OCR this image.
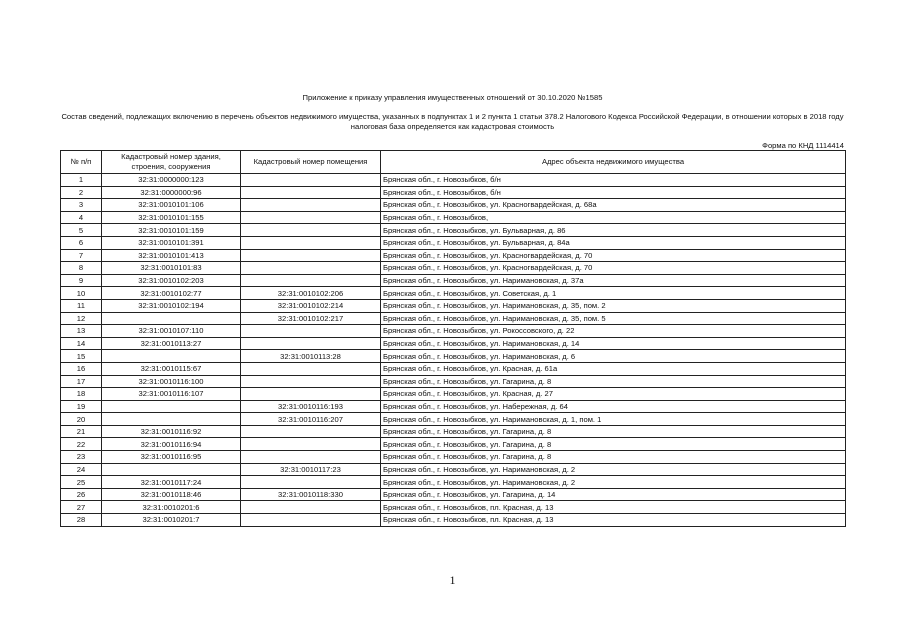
Приложение к приказу управления имущественных отношений от 30.10.2020 №1585
Состав сведений, подлежащих включению в перечень объектов недвижимого имущества, указанных в подпунктах 1 и 2 пункта 1 статьи 378.2 Налогового Кодекса Российской Федерации, в отношении которых в 2018 году налоговая база определяется как кадастровая стоимость
Форма по КНД 1114414
№ п/п	Кадастровый номер здания, строения, сооружения	Кадастровый номер помещения	Адрес объекта недвижимого имущества
1	32:31:0000000:123		Брянская обл., г. Новозыбков, б/н
2	32:31:0000000:96		Брянская обл., г. Новозыбков, б/н
3	32:31:0010101:106		Брянская обл., г. Новозыбков, ул. Красногвардейская, д. 68а
4	32:31:0010101:155		Брянская обл., г. Новозыбков,
5	32:31:0010101:159		Брянская обл., г. Новозыбков, ул. Бульварная, д. 86
6	32:31:0010101:391		Брянская обл., г. Новозыбков, ул. Бульварная, д. 84а
7	32:31:0010101:413		Брянская обл., г. Новозыбков, ул. Красногвардейская, д. 70
8	32:31:0010101:83		Брянская обл., г. Новозыбков, ул. Красногвардейская, д. 70
9	32:31:0010102:203		Брянская обл., г. Новозыбков, ул. Наримановская, д. 37а
10	32:31:0010102:77	32:31:0010102:206	Брянская обл., г. Новозыбков, ул. Советская, д. 1
11	32:31:0010102:194	32:31:0010102:214	Брянская обл., г. Новозыбков, ул. Наримановская, д. 35, пом. 2
12		32:31:0010102:217	Брянская обл., г. Новозыбков, ул. Наримановская, д. 35, пом. 5
13	32:31:0010107:110		Брянская обл., г. Новозыбков, ул. Рокоссовского, д. 22
14	32:31:0010113:27		Брянская обл., г. Новозыбков, ул. Наримановская, д. 14
15		32:31:0010113:28	Брянская обл., г. Новозыбков, ул. Наримановская, д. 6
16	32:31:0010115:67		Брянская обл., г. Новозыбков, ул. Красная, д. 61а
17	32:31:0010116:100		Брянская обл., г. Новозыбков, ул. Гагарина, д. 8
18	32:31:0010116:107		Брянская обл., г. Новозыбков, ул. Красная, д. 27
19		32:31:0010116:193	Брянская обл., г. Новозыбков, ул. Набережная, д. 64
20		32:31:0010116:207	Брянская обл., г. Новозыбков, ул. Наримановская, д. 1, пом. 1
21	32:31:0010116:92		Брянская обл., г. Новозыбков, ул. Гагарина, д. 8
22	32:31:0010116:94		Брянская обл., г. Новозыбков, ул. Гагарина, д. 8
23	32:31:0010116:95		Брянская обл., г. Новозыбков, ул. Гагарина, д. 8
24		32:31:0010117:23	Брянская обл., г. Новозыбков, ул. Наримановская, д. 2
25	32:31:0010117:24		Брянская обл., г. Новозыбков, ул. Наримановская, д. 2
26	32:31:0010118:46	32:31:0010118:330	Брянская обл., г. Новозыбков, ул. Гагарина, д. 14
27	32:31:0010201:6		Брянская обл., г. Новозыбков, пл. Красная, д. 13
28	32:31:0010201:7		Брянская обл., г. Новозыбков, пл. Красная, д. 13
1
